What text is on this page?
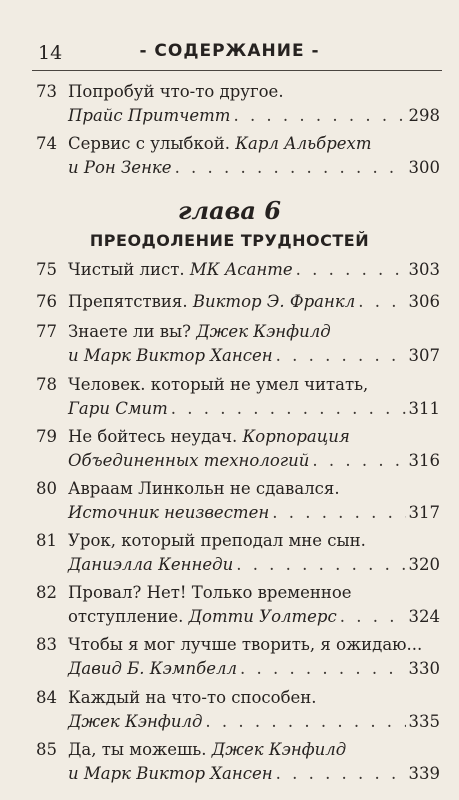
14	- СОДЕРЖАНИЕ -
73 Попробуй что-то другое.
Прайс Притчетт . . .	298
74 Сервис с улыбкой. Карл Альбрехт
и Рон Зенке . . .	300
глава 6
ПРЕОДОЛЕНИЕ ТРУДНОСТЕЙ
75 Чистый лист.
МК Асанте . . .	303
76 Препятствия.
Виктор Э. Франкл . . .	306
77 Знаете ли вы? Джек Кэнфилд
и Марк Виктор Хансен . . .	307
78 Человек. который не умел читать,
Гари Смит . . .	311
79 Не бойтесь неудач. Корпорация
Объединенных технологий . . .	316
80 Авраам Линкольн не сдавался.
Источник неизвестен . . .	317
81 Урок, который преподал мне сын.
Даниэлла Кеннеди . . .	320
82 Провал? Нет! Только временное
отступление.
Дотти Уолтерс . . .	324
83 Чтобы я мог лучше творить, я ожидаю...
Давид Б. Кэмпбелл . . .	330
84 Каждый на что-то способен.
Джек Кэнфилд . . .	335
85 Да, ты можешь. Джек Кэнфилд
и Марк Виктор Хансен . . .	339
